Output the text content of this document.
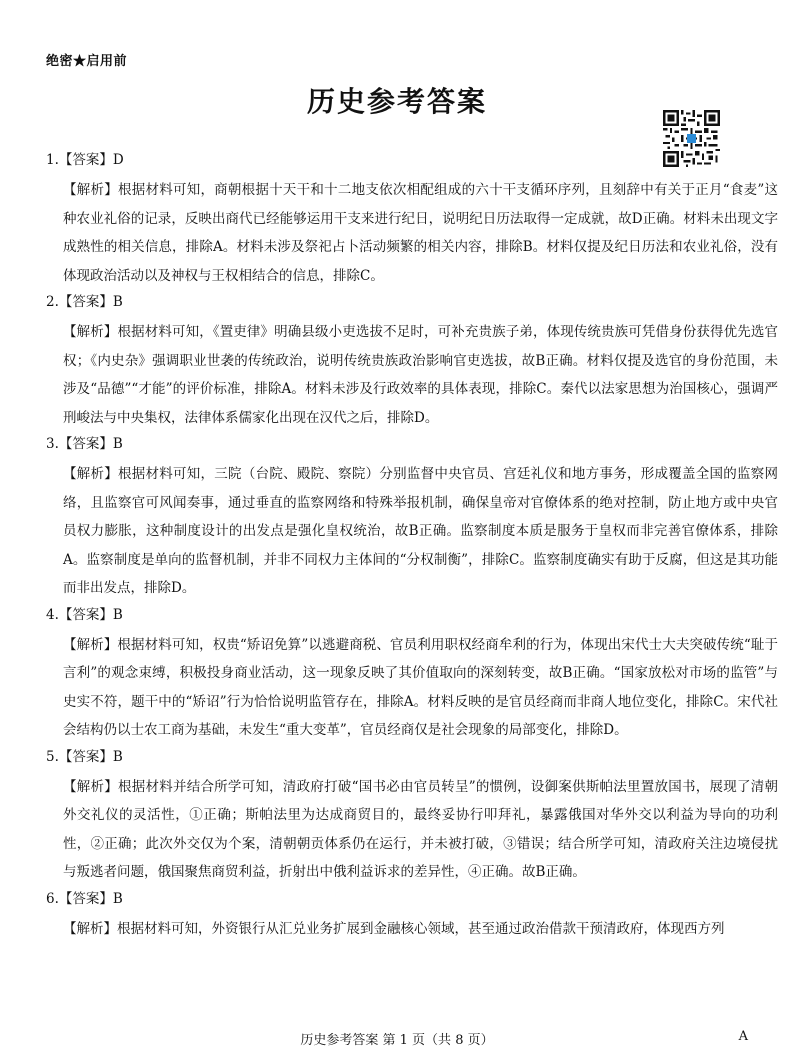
绝密★启用前
历史参考答案

1.【答案】D

【解析】根据材料可知，商朝根据十天干和十二地支依次相配组成的六十干支循环序列，且刻辞中有关于正月“食麦”这种农业礼俗的记录，反映出商代已经能够运用干支来进行纪日，说明纪日历法取得一定成就，故D正确。材料未出现文字成熟性的相关信息，排除A。材料未涉及祭祀占卜活动频繁的相关内容，排除B。材料仅提及纪日历法和农业礼俗，没有体现政治活动以及神权与王权相结合的信息，排除C。

2.【答案】B

【解析】根据材料可知，《置吏律》明确县级小吏选拔不足时，可补充贵族子弟，体现传统贵族可凭借身份获得优先选官权；《内史杂》强调职业世袭的传统政治，说明传统贵族政治影响官吏选拔，故B正确。材料仅提及选官的身份范围，未涉及“品德”“才能”的评价标准，排除A。材料未涉及行政效率的具体表现，排除C。秦代以法家思想为治国核心，强调严刑峻法与中央集权，法律体系儒家化出现在汉代之后，排除D。

3.【答案】B

【解析】根据材料可知，三院（台院、殿院、察院）分别监督中央官员、宫廷礼仪和地方事务，形成覆盖全国的监察网络，且监察官可风闻奏事，通过垂直的监察网络和特殊举报机制，确保皇帝对官僚体系的绝对控制，防止地方或中央官员权力膨胀，这种制度设计的出发点是强化皇权统治，故B正确。监察制度本质是服务于皇权而非完善官僚体系，排除A。监察制度是单向的监督机制，并非不同权力主体间的“分权制衡”，排除C。监察制度确实有助于反腐，但这是其功能而非出发点，排除D。

4.【答案】B

【解析】根据材料可知，权贵“矫诏免算”以逃避商税、官员利用职权经商牟利的行为，体现出宋代士大夫突破传统“耻于言利”的观念束缚，积极投身商业活动，这一现象反映了其价值取向的深刻转变，故B正确。“国家放松对市场的监管”与史实不符，题干中的“矫诏”行为恰恰说明监管存在，排除A。材料反映的是官员经商而非商人地位变化，排除C。宋代社会结构仍以士农工商为基础，未发生“重大变革”，官员经商仅是社会现象的局部变化，排除D。

5.【答案】B

【解析】根据材料并结合所学可知，清政府打破“国书必由官员转呈”的惯例，设御案供斯帕法里置放国书，展现了清朝外交礼仪的灵活性，①正确；斯帕法里为达成商贸目的，最终妥协行叩拜礼，暴露俄国对华外交以利益为导向的功利性，②正确；此次外交仅为个案，清朝朝贡体系仍在运行，并未被打破，③错误；结合所学可知，清政府关注边境侵扰与叛逃者问题，俄国聚焦商贸利益，折射出中俄利益诉求的差异性，④正确。故B正确。

6.【答案】B

【解析】根据材料可知，外资银行从汇兑业务扩展到金融核心领域，甚至通过政治借款干预清政府，体现西方列

历史参考答案 第 1 页（共 8 页）	A
